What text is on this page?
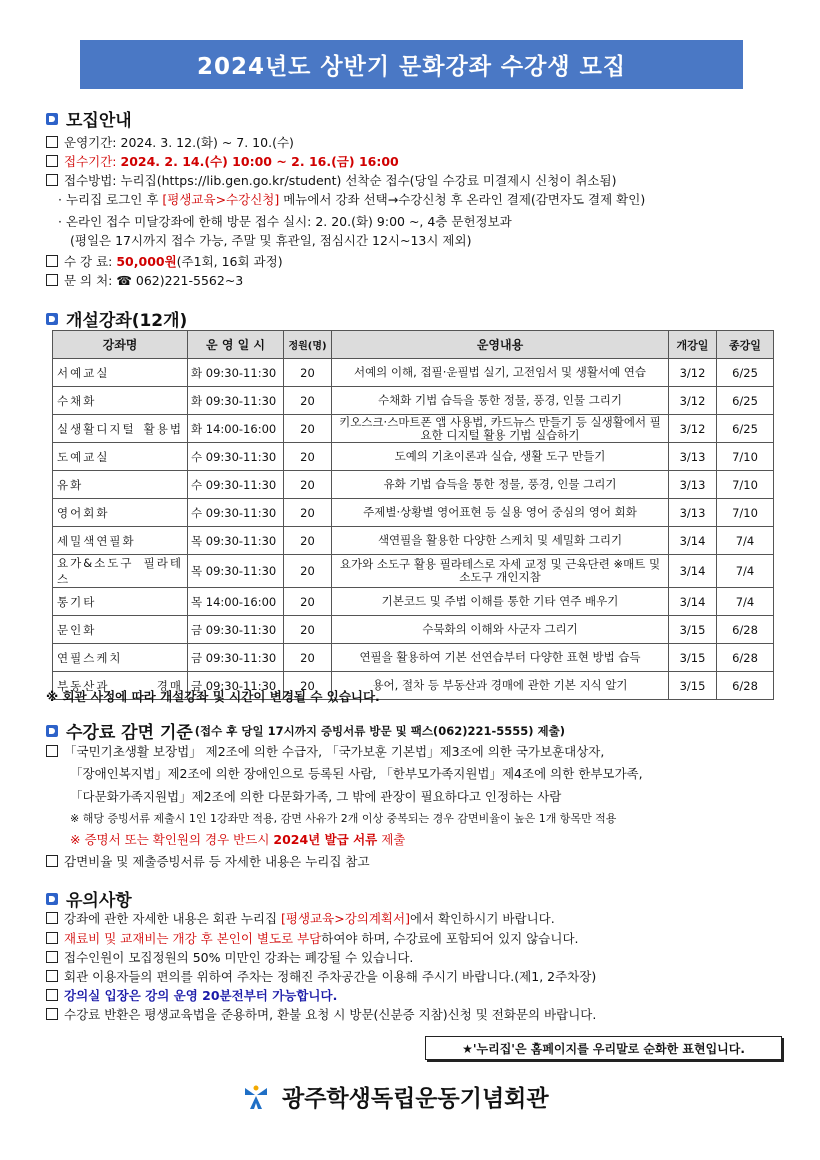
2024년도 상반기 문화강좌 수강생 모집
모집안내
운영기간: 2024. 3. 12.(화) ~ 7. 10.(수)
접수기간: 2024. 2. 14.(수) 10:00 ~ 2. 16.(금) 16:00
접수방법: 누리집(https://lib.gen.go.kr/student) 선착순 접수(당일 수강료 미결제시 신청이 취소됨)
· 누리집 로그인 후 [평생교육>수강신청] 메뉴에서 강좌 선택→수강신청 후 온라인 결제(감면자도 결제 확인)
· 온라인 접수 미달강좌에 한해 방문 접수 실시: 2. 20.(화) 9:00 ~, 4층 문헌정보과
(평일은 17시까지 접수 가능, 주말 및 휴관일, 점심시간 12시~13시 제외)
수 강 료: 50,000원(주1회, 16회 과정)
문 의 처: ☎ 062)221-5562~3
개설강좌(12개)
강좌명	운 영 일 시	정원(명)	운영내용	개강일	종강일
서예교실	화 09:30-11:30	20	서예의 이해, 접필·운필법 실기, 고전임서 및 생활서예 연습	3/12	6/25
수채화	화 09:30-11:30	20	수채화 기법 습득을 통한 정물, 풍경, 인물 그리기	3/12	6/25
실생활디지털 활용법	화 14:00-16:00	20	키오스크·스마트폰 앱 사용법, 카드뉴스 만들기 등 실생활에서 필요한 디지털 활용 기법 실습하기	3/12	6/25
도예교실	수 09:30-11:30	20	도예의 기초이론과 실습, 생활 도구 만들기	3/13	7/10
유화	수 09:30-11:30	20	유화 기법 습득을 통한 정물, 풍경, 인물 그리기	3/13	7/10
영어회화	수 09:30-11:30	20	주제별·상황별 영어표현 등 실용 영어 중심의 영어 회화	3/13	7/10
세밀색연필화	목 09:30-11:30	20	색연필을 활용한 다양한 스케치 및 세밀화 그리기	3/14	7/4
요가&소도구 필라테스	목 09:30-11:30	20	요가와 소도구 활용 필라테스로 자세 교정 및 근육단련 ※매트 및 소도구 개인지참	3/14	7/4
통기타	목 14:00-16:00	20	기본코드 및 주법 이해를 통한 기타 연주 배우기	3/14	7/4
문인화	금 09:30-11:30	20	수묵화의 이해와 사군자 그리기	3/15	6/28
연필스케치	금 09:30-11:30	20	연필을 활용하여 기본 선연습부터 다양한 표현 방법 습득	3/15	6/28
부동산과 경매	금 09:30-11:30	20	용어, 절차 등 부동산과 경매에 관한 기본 지식 알기	3/15	6/28
※ 회관 사정에 따라 개설강좌 및 시간이 변경될 수 있습니다.
수강료 감면 기준 (접수 후 당일 17시까지 증빙서류 방문 및 팩스(062)221-5555) 제출)
「국민기초생활 보장법」 제2조에 의한 수급자, 「국가보훈 기본법」제3조에 의한 국가보훈대상자,
「장애인복지법」제2조에 의한 장애인으로 등록된 사람, 「한부모가족지원법」제4조에 의한 한부모가족,
「다문화가족지원법」제2조에 의한 다문화가족, 그 밖에 관장이 필요하다고 인정하는 사람
※ 해당 증빙서류 제출시 1인 1강좌만 적용, 감면 사유가 2개 이상 중복되는 경우 감면비율이 높은 1개 항목만 적용
※ 증명서 또는 확인원의 경우 반드시 2024년 발급 서류 제출
감면비율 및 제출증빙서류 등 자세한 내용은 누리집 참고
유의사항
강좌에 관한 자세한 내용은 회관 누리집 [평생교육>강의계획서]에서 확인하시기 바랍니다.
재료비 및 교재비는 개강 후 본인이 별도로 부담하여야 하며, 수강료에 포함되어 있지 않습니다.
접수인원이 모집정원의 50% 미만인 강좌는 폐강될 수 있습니다.
회관 이용자들의 편의를 위하여 주차는 정해진 주차공간을 이용해 주시기 바랍니다.(제1, 2주차장)
강의실 입장은 강의 운영 20분전부터 가능합니다.
수강료 반환은 평생교육법을 준용하며, 환불 요청 시 방문(신분증 지참)신청 및 전화문의 바랍니다.
★'누리집'은 홈페이지를 우리말로 순화한 표현입니다.
광주학생독립운동기념회관
